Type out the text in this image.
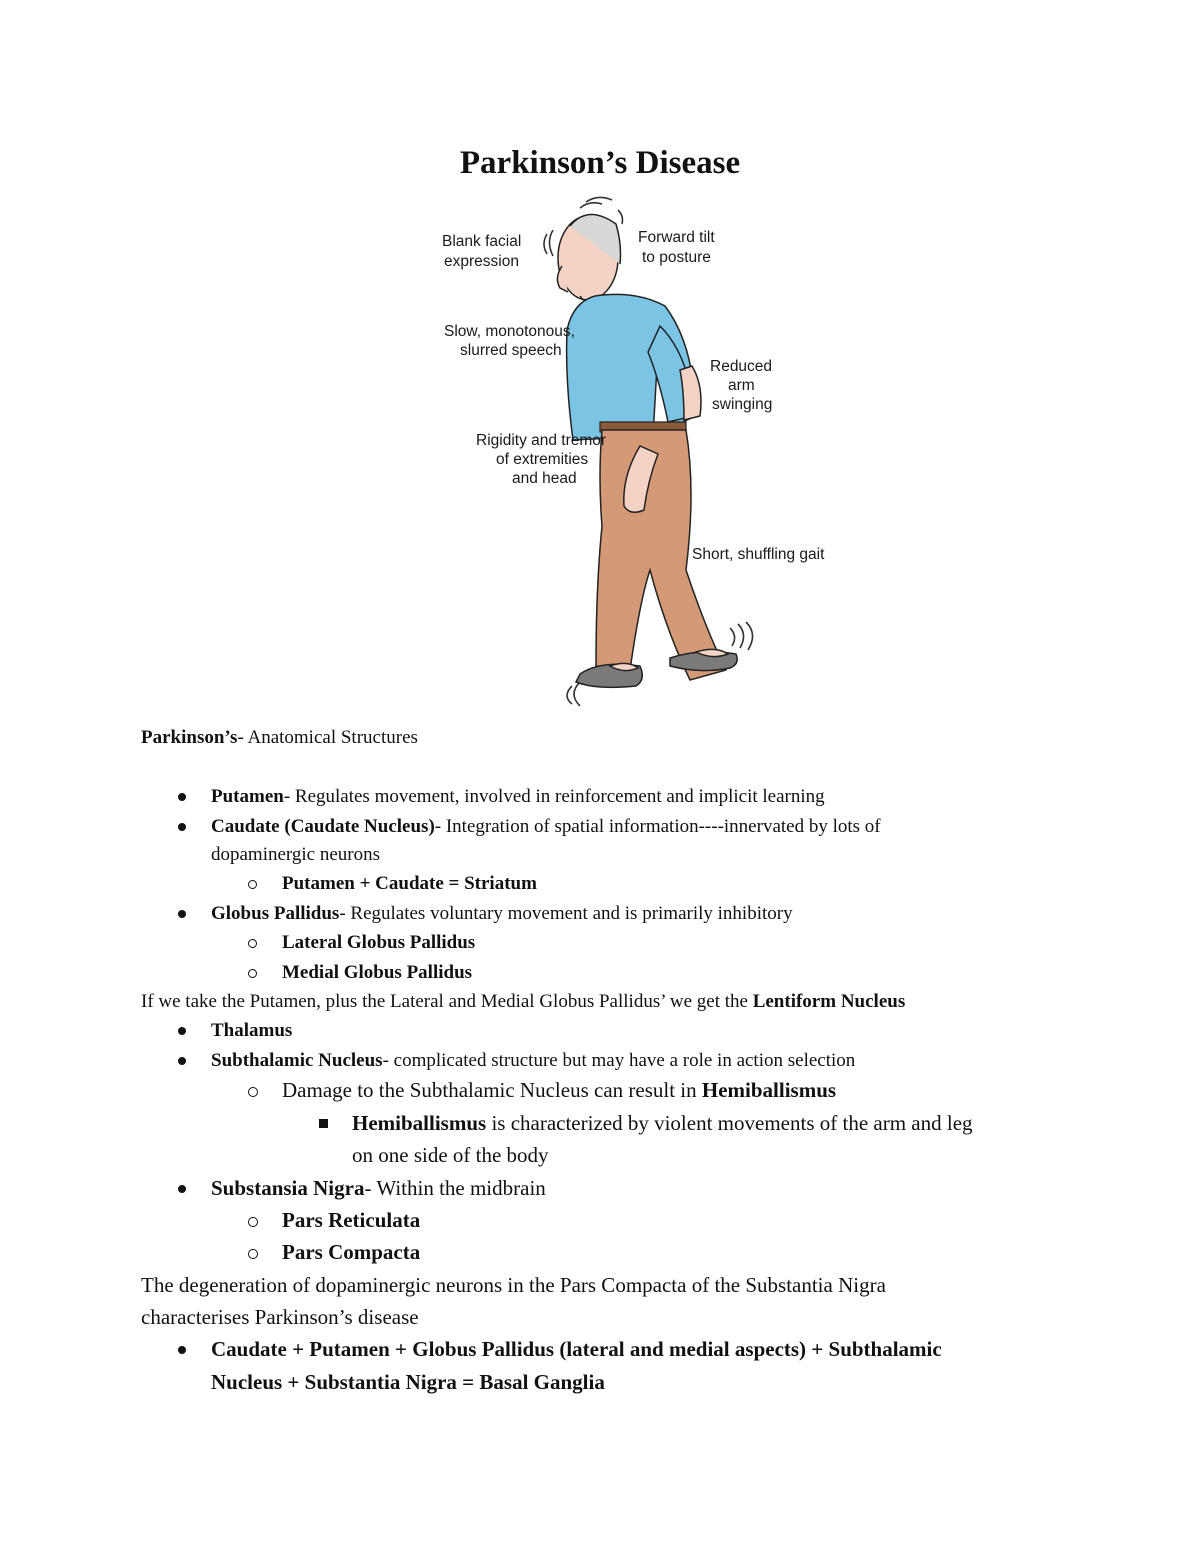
Parkinson’s Disease
Blank facial
expression
Forward tilt
to posture
Slow, monotonous,
slurred speech
Reduced
arm
swinging
Rigidity and tremor
of extremities
and head
Short, shuffling gait
Parkinson’s- Anatomical Structures
Putamen- Regulates movement, involved in reinforcement and implicit learning
Caudate (Caudate Nucleus)- Integration of spatial information----innervated by lots of
dopaminergic neurons
Putamen + Caudate = Striatum
Globus Pallidus- Regulates voluntary movement and is primarily inhibitory
Lateral Globus Pallidus
Medial Globus Pallidus
If we take the Putamen, plus the Lateral and Medial Globus Pallidus’ we get the Lentiform Nucleus
Thalamus
Subthalamic Nucleus- complicated structure but may have a role in action selection
Damage to the Subthalamic Nucleus can result in Hemiballismus
Hemiballismus is characterized by violent movements of the arm and leg
on one side of the body
Substansia Nigra- Within the midbrain
Pars Reticulata
Pars Compacta
The degeneration of dopaminergic neurons in the Pars Compacta of the Substantia Nigra
characterises Parkinson’s disease
Caudate + Putamen + Globus Pallidus (lateral and medial aspects) + Subthalamic
Nucleus + Substantia Nigra = Basal Ganglia
